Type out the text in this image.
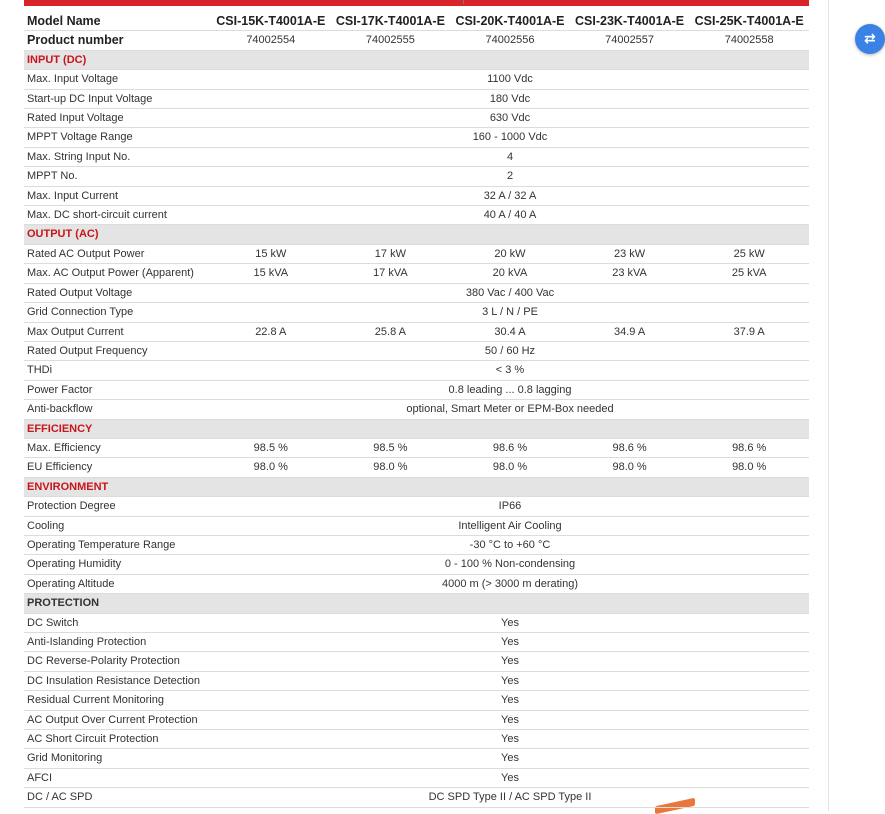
⇄
Model Name	CSI-15K-T4001A-E	CSI-17K-T4001A-E	CSI-20K-T4001A-E	CSI-23K-T4001A-E	CSI-25K-T4001A-E
Product number	74002554	74002555	74002556	74002557	74002558
INPUT (DC)					
Max. Input Voltage	1100 Vdc				
Start-up DC Input Voltage	180 Vdc				
Rated Input Voltage	630 Vdc				
MPPT Voltage Range	160 - 1000 Vdc				
Max. String Input No.	4				
MPPT No.	2				
Max. Input Current	32 A / 32 A				
Max. DC short-circuit current	40 A / 40 A				
OUTPUT (AC)					
Rated AC Output Power	15 kW	17 kW	20 kW	23 kW	25 kW
Max. AC Output Power (Apparent)	15 kVA	17 kVA	20 kVA	23 kVA	25 kVA
Rated Output Voltage	380 Vac / 400 Vac				
Grid Connection Type	3 L / N / PE				
Max Output Current	22.8 A	25.8 A	30.4 A	34.9 A	37.9 A
Rated Output Frequency	50 / 60 Hz				
THDi	< 3 %				
Power Factor	0.8 leading ... 0.8 lagging				
Anti-backflow	optional, Smart Meter or EPM-Box needed				
EFFICIENCY					
Max. Efficiency	98.5 %	98.5 %	98.6 %	98.6 %	98.6 %
EU Efficiency	98.0 %	98.0 %	98.0 %	98.0 %	98.0 %
ENVIRONMENT					
Protection Degree	IP66				
Cooling	Intelligent Air Cooling				
Operating Temperature Range	-30 °C to +60 °C				
Operating Humidity	0 - 100 % Non-condensing				
Operating Altitude	4000 m (> 3000 m derating)				
PROTECTION					
DC Switch	Yes				
Anti-Islanding Protection	Yes				
DC Reverse-Polarity Protection	Yes				
DC Insulation Resistance Detection	Yes				
Residual Current Monitoring	Yes				
AC Output Over Current Protection	Yes				
AC Short Circuit Protection	Yes				
Grid Monitoring	Yes				
AFCI	Yes				
DC / AC SPD	DC SPD Type II / AC SPD Type II				
